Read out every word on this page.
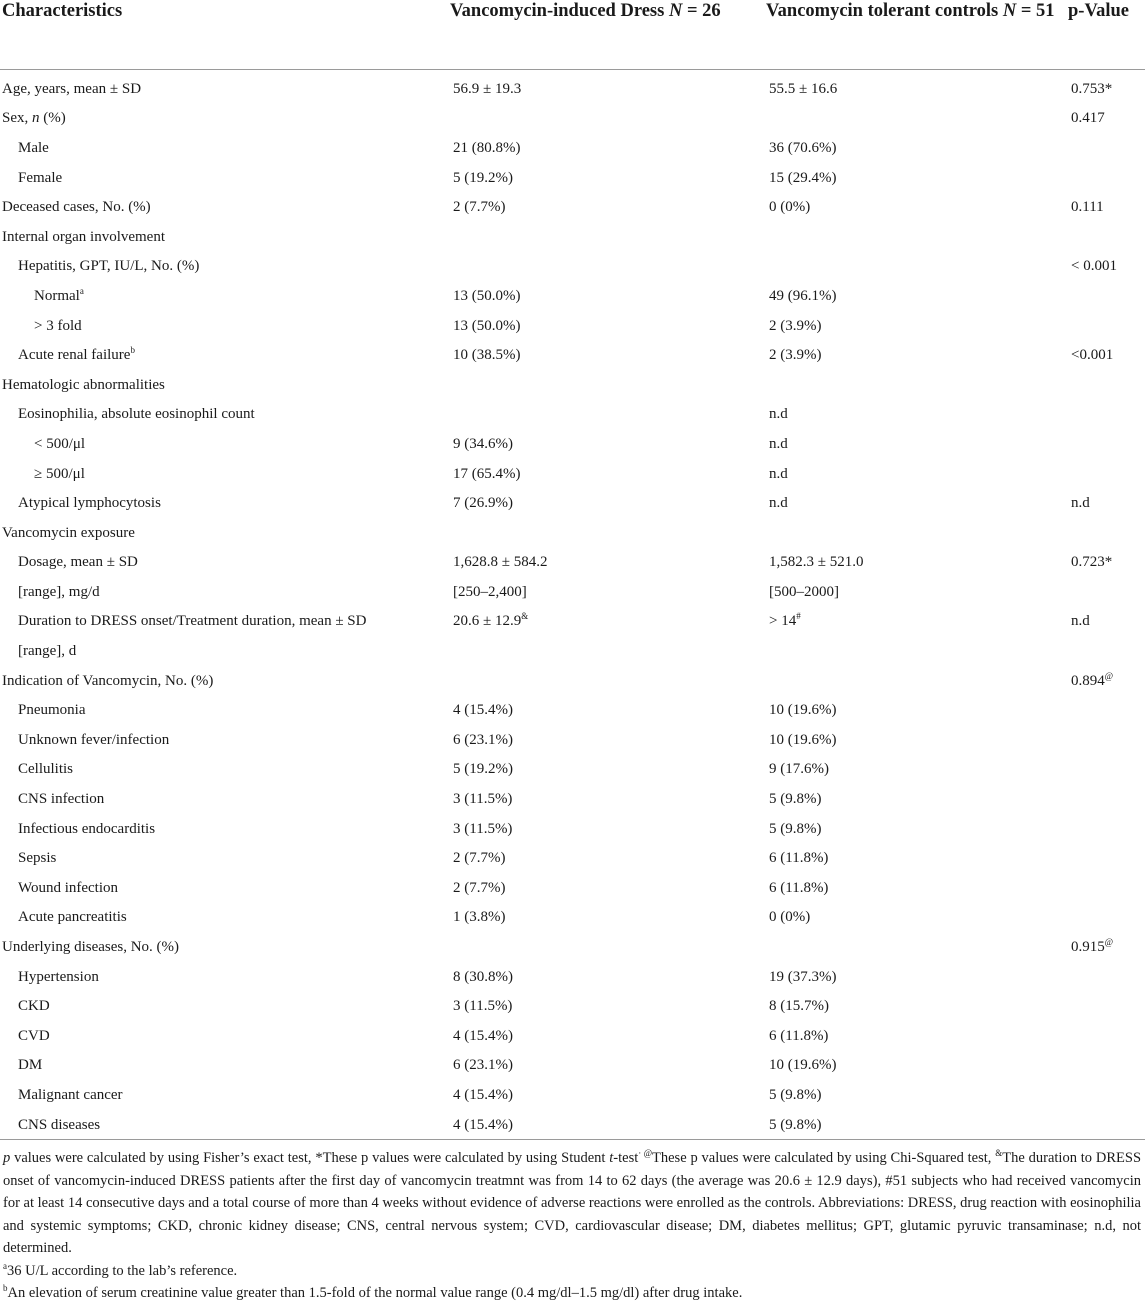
Characteristics	Vancomycin-induced Dress N = 26	Vancomycin tolerant controls N = 51	p-Value
Age, years, mean ± SD	56.9 ± 19.3	55.5 ± 16.6	0.753*
Sex, n (%)			0.417
Male	21 (80.8%)	36 (70.6%)	
Female	5 (19.2%)	15 (29.4%)	
Deceased cases, No. (%)	2 (7.7%)	0 (0%)	0.111
Internal organ involvement			
Hepatitis, GPT, IU/L, No. (%)			< 0.001
Normal$^a$	13 (50.0%)	49 (96.1%)	
> 3 fold	13 (50.0%)	2 (3.9%)	
Acute renal failure$^b$	10 (38.5%)	2 (3.9%)	<0.001
Hematologic abnormalities			
Eosinophilia, absolute eosinophil count		n.d	
< 500/μl	9 (34.6%)	n.d	
≥ 500/μl	17 (65.4%)	n.d	
Atypical lymphocytosis	7 (26.9%)	n.d	n.d
Vancomycin exposure			
Dosage, mean ± SD	1,628.8 ± 584.2	1,582.3 ± 521.0	0.723*
[range], mg/d	[250–2,400]	[500–2000]	
Duration to DRESS onset/Treatment duration, mean ± SD	20.6 ± 12.9&	> 14#	n.d
[range], d			
Indication of Vancomycin, No. (%)			0.894@
Pneumonia	4 (15.4%)	10 (19.6%)	
Unknown fever/infection	6 (23.1%)	10 (19.6%)	
Cellulitis	5 (19.2%)	9 (17.6%)	
CNS infection	3 (11.5%)	5 (9.8%)	
Infectious endocarditis	3 (11.5%)	5 (9.8%)	
Sepsis	2 (7.7%)	6 (11.8%)	
Wound infection	2 (7.7%)	6 (11.8%)	
Acute pancreatitis	1 (3.8%)	0 (0%)	
Underlying diseases, No. (%)			0.915@
Hypertension	8 (30.8%)	19 (37.3%)	
CKD	3 (11.5%)	8 (15.7%)	
CVD	4 (15.4%)	6 (11.8%)	
DM	6 (23.1%)	10 (19.6%)	
Malignant cancer	4 (15.4%)	5 (9.8%)	
CNS diseases	4 (15.4%)	5 (9.8%)	

p values were calculated by using Fisher’s exact test, *These p values were calculated by using Student t-test· @These p values were calculated by using Chi-Squared test, &The duration to DRESS onset of vancomycin-induced DRESS patients after the first day of vancomycin treatmnt was from 14 to 62 days (the average was 20.6 ± 12.9 days), #51 subjects who had received vancomycin for at least 14 consecutive days and a total course of more than 4 weeks without evidence of adverse reactions were enrolled as the controls. Abbreviations: DRESS, drug reaction with eosinophilia and systemic symptoms; CKD, chronic kidney disease; CNS, central nervous system; CVD, cardiovascular disease; DM, diabetes mellitus; GPT, glutamic pyruvic transaminase; n.d, not determined.

$^a$36 U/L according to the lab’s reference.

$^b$An elevation of serum creatinine value greater than 1.5-fold of the normal value range (0.4 mg/dl–1.5 mg/dl) after drug intake.
